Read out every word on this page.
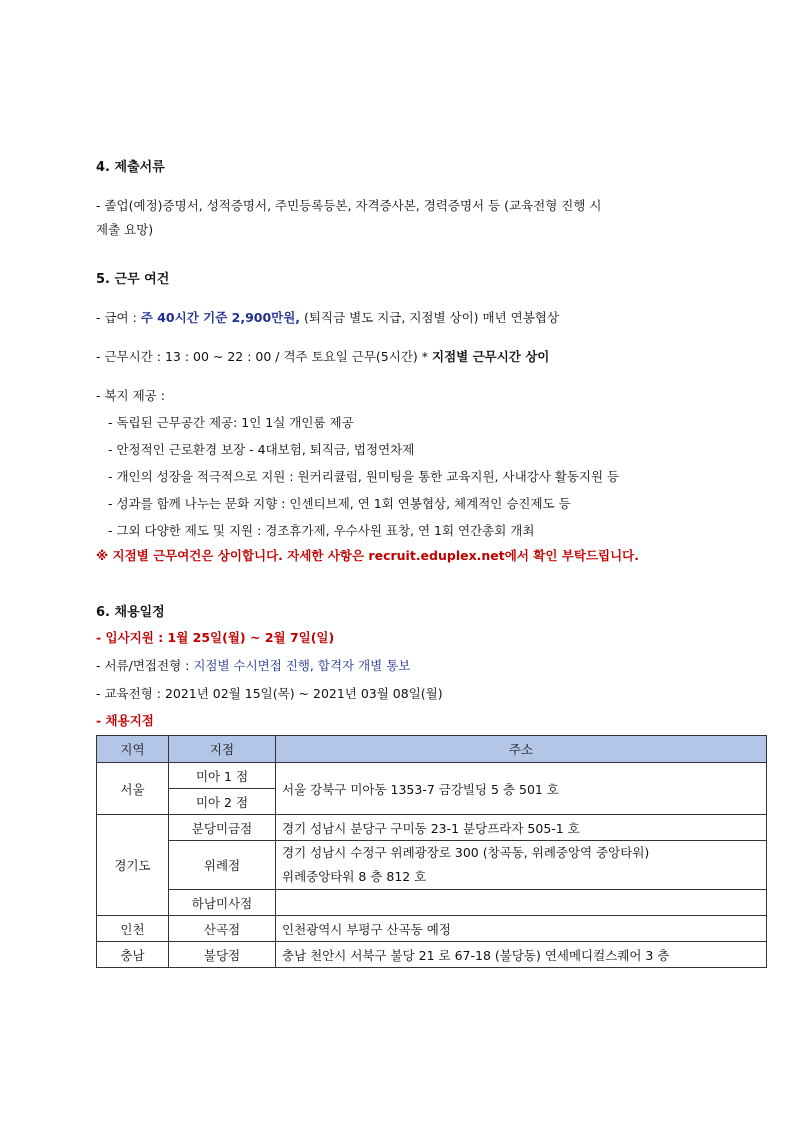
4. 제출서류
- 졸업(예정)증명서, 성적증명서, 주민등록등본, 자격증사본, 경력증명서 등 (교육전형 진행 시
제출 요망)
5. 근무 여건
- 급여 : 주 40시간 기준 2,900만원, (퇴직금 별도 지급, 지점별 상이) 매년 연봉협상
- 근무시간 : 13 : 00 ~ 22 : 00 / 격주 토요일 근무(5시간) * 지점별 근무시간 상이
- 복지 제공 :
- 독립된 근무공간 제공: 1인 1실 개인룸 제공
- 안정적인 근로환경 보장 - 4대보험, 퇴직금, 법정연차제
- 개인의 성장을 적극적으로 지원 : 원커리큘럼, 원미팅을 통한 교육지원, 사내강사 활동지원 등
- 성과를 함께 나누는 문화 지향 : 인센티브제, 연 1회 연봉협상, 체계적인 승진제도 등
- 그외 다양한 제도 및 지원 : 경조휴가제, 우수사원 표창, 연 1회 연간총회 개최
※ 지점별 근무여건은 상이합니다. 자세한 사항은 recruit.eduplex.net에서 확인 부탁드립니다.
6. 채용일정
- 입사지원 : 1월 25일(월) ~ 2월 7일(일)
- 서류/면접전형 : 지점별 수시면접 진행, 합격자 개별 통보
- 교육전형 : 2021년 02월 15일(목) ~ 2021년 03월 08일(월)
- 채용지점
지역	지점	주소
서울	미아 1 점	서울 강북구 미아동 1353-7 금강빌딩 5 층 501 호
	미아 2 점	
경기도	분당미금점	경기 성남시 분당구 구미동 23-1 분당프라자 505-1 호
	위례점	경기 성남시 수정구 위례광장로 300 (창곡동, 위례중앙역 중앙타워)
위례중앙타워 8 층 812 호

	하남미사점	
인천	산곡점	인천광역시 부평구 산곡동 예정
충남	불당점	충남 천안시 서북구 불당 21 로 67-18 (불당동) 연세메디컬스퀘어 3 층
